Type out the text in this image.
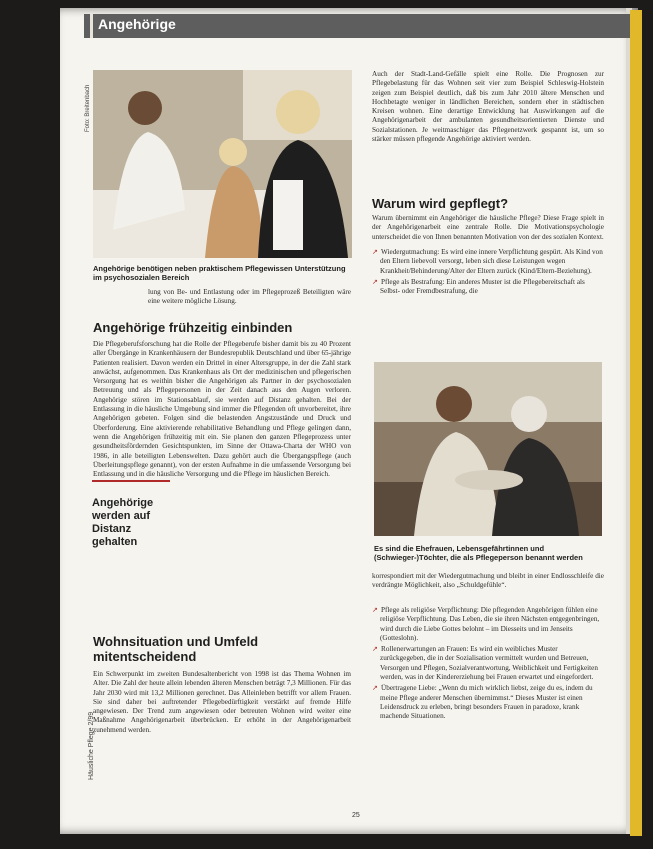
Angehörige
Foto: Breitenbach
Angehörige benötigen neben praktischem Pflegewissen Unterstützung im psychosozialen Bereich
lung von Be- und Entlastung oder im Pflegeprozeß Beteiligten wäre eine weitere mögliche Lösung.
Angehörige frühzeitig einbinden
Die Pflegeberufsforschung hat die Rolle der Pflegeberufe bisher damit bis zu 40 Prozent aller Übergänge in Krankenhäusern der Bundesrepublik Deutschland und über 65-jährige Patienten realisiert. Davon werden ein Drittel in einer Altersgruppe, in der die Zahl stark anwächst, aufgenommen. Das Krankenhaus als Ort der medizinischen und pflegerischen Versorgung hat es weithin bisher die Angehörigen als Partner in der psychosozialen Betreuung und als Pflegepersonen in der Zeit danach aus den Augen verloren. Angehörige stören im Stationsablauf, sie werden auf Distanz gehalten. Bei der Entlassung in die häusliche Umgebung sind immer die Pflegenden oft unvorbereitet, ihre Angehörigen gebeten. Folgen sind die belastenden Angstzustände und Druck und Überforderung. Eine aktivierende rehabilitative Behandlung und Pflege gelingen dann, wenn die Angehörigen frühzeitig mit ein. Sie planen den ganzen Pflegeprozess unter gesundheitsfördernden Gesichtspunkten, im Sinne der Ottawa-Charta der WHO von 1986, in alle beteiligten Lebenswelten. Dazu gehört auch die Übergangspflege (auch Überleitungspflege genannt), von der ersten Aufnahme in die umfassende Versorgung bei Entlassung und in die häusliche Versorgung und die Pflege im häuslichen Bereich.
Angehörige werden auf Distanz gehalten
Wohnsituation und Umfeld mitentscheidend
Ein Schwerpunkt im zweiten Bundesaltenbericht von 1998 ist das Thema Wohnen im Alter. Die Zahl der heute allein lebenden älteren Menschen beträgt 7,3 Millionen. Für das Jahr 2030 wird mit 13,2 Millionen gerechnet. Das Alleinleben betrifft vor allem Frauen. Sie sind daher bei auftretender Pflegebedürftigkeit verstärkt auf fremde Hilfe angewiesen. Der Trend zum angewiesen oder betreuten Wohnen wird weiter eine Maßnahme Angehörigenarbeit überbrücken. Er erhöht in der Angehörigenarbeit zunehmend werden.
Auch der Stadt-Land-Gefälle spielt eine Rolle. Die Prognosen zur Pflegebelastung für das Wohnen seit vier zum Beispiel Schleswig-Holstein zeigen zum Beispiel deutlich, daß bis zum Jahr 2010 ältere Menschen und Hochbetagte weniger in ländlichen Bereichen, sondern eher in städtischen Kreisen wohnen. Eine derartige Entwicklung hat Auswirkungen auf die Angehörigenarbeit der ambulanten gesundheitsorientierten Dienste und Sozialstationen. Je weitmaschiger das Pflegenetzwerk gespannt ist, um so stärker müssen pflegende Angehörige aktiviert werden.
Warum wird gepflegt?
Warum übernimmt ein Angehöriger die häusliche Pflege? Diese Frage spielt in der Angehörigenarbeit eine zentrale Rolle. Die Motivationspsychologie unterscheidet die von Ihnen benannten Motivation von der des sozialen Kontext.
↗ Wiedergutmachung: Es wird eine innere Verpflichtung gespürt. Als Kind von den Eltern liebevoll versorgt, leben sich diese Leistungen wegen Krankheit/Behinderung/Alter der Eltern zurück (Kind/Eltern-Beziehung).
↗ Pflege als Bestrafung: Ein anderes Muster ist die Pflegebereitschaft als Selbst- oder Fremdbestrafung, die
Es sind die Ehefrauen, Lebensgefährtinnen und (Schwieger-)Töchter, die als Pflegeperson benannt werden
korrespondiert mit der Wiedergutmachung und bleibt in einer Endlosschleife die verdrängte Möglichkeit, also „Schuldgefühle“.
↗ Pflege als religiöse Verpflichtung: Die pflegenden Angehörigen fühlen eine religiöse Verpflichtung. Das Leben, die sie ihren Nächsten entgegenbringen, wird durch die Liebe Gottes belohnt – im Diesseits und im Jenseits (Gotteslohn).
↗ Rollenerwartungen an Frauen: Es wird ein weibliches Muster zurückgegeben, die in der Sozialisation vermittelt wurden und Betreuen, Versorgen und Pflegen, Sozialverantwortung, Weiblichkeit und Fertigkeiten werden, was in der Kindererziehung bei Frauen erwartet und eingefordert.
↗ Übertragene Liebe: „Wenn du mich wirklich liebst, zeige du es, indem du meine Pflege anderer Menschen übernimmst.“ Dieses Muster ist einen Leidensdruck zu erleben, bringt besonders Frauen in paradoxe, krank machende Situationen.
Häusliche Pflege 2/99
25
